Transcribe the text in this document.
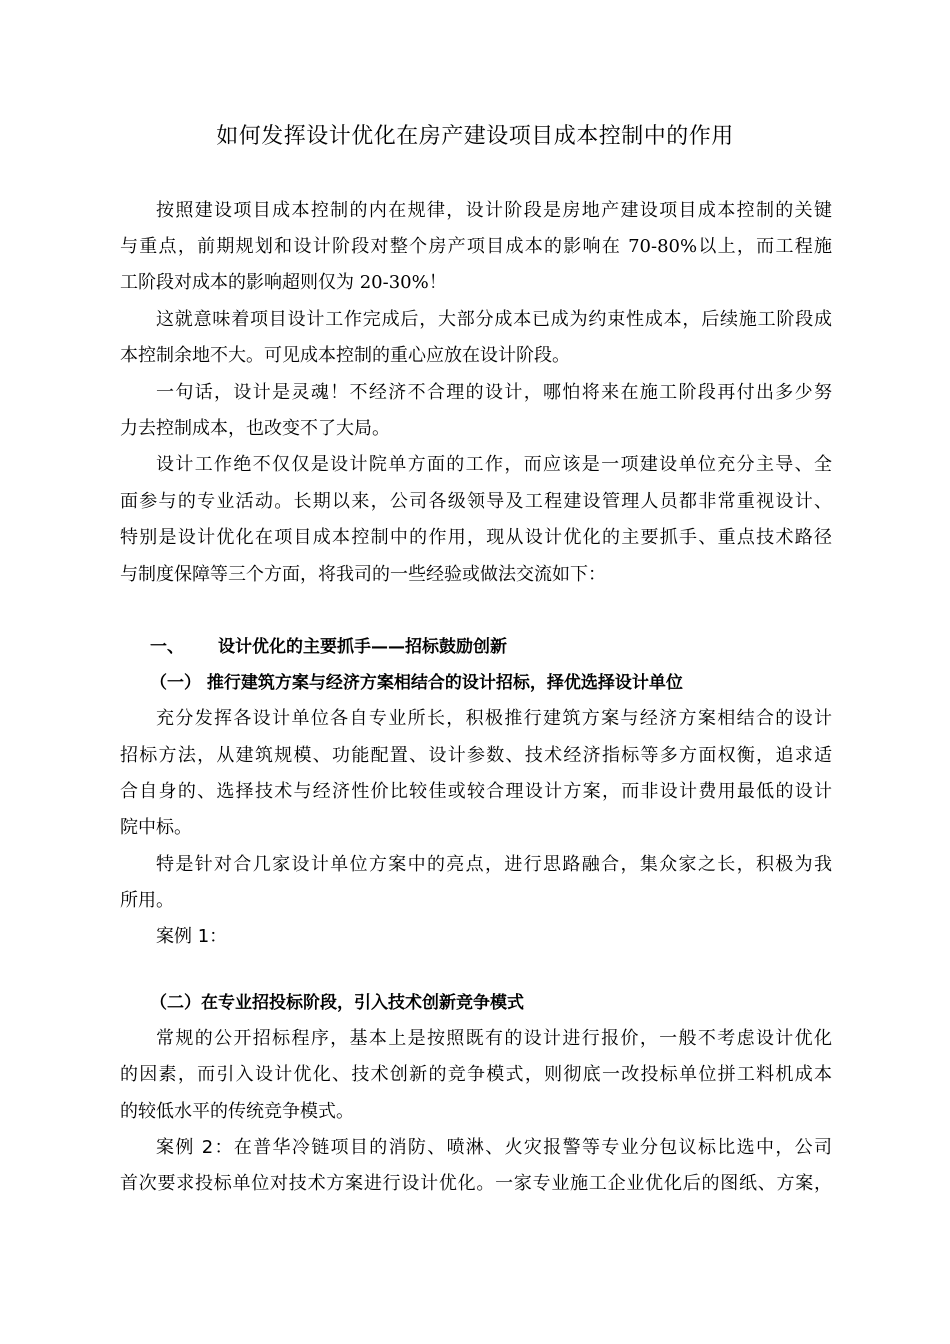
如何发挥设计优化在房产建设项目成本控制中的作用
按照建设项目成本控制的内在规律，设计阶段是房地产建设项目成本控制的关键
与重点，前期规划和设计阶段对整个房产项目成本的影响在 70-80%以上，而工程施
工阶段对成本的影响超则仅为 20-30%！
这就意味着项目设计工作完成后，大部分成本已成为约束性成本，后续施工阶段成
本控制余地不大。可见成本控制的重心应放在设计阶段。
一句话，设计是灵魂！不经济不合理的设计，哪怕将来在施工阶段再付出多少努
力去控制成本，也改变不了大局。
设计工作绝不仅仅是设计院单方面的工作，而应该是一项建设单位充分主导、全
面参与的专业活动。长期以来，公司各级领导及工程建设管理人员都非常重视设计、
特别是设计优化在项目成本控制中的作用，现从设计优化的主要抓手、重点技术路径
与制度保障等三个方面，将我司的一些经验或做法交流如下：
一、 设计优化的主要抓手——招标鼓励创新
（一） 推行建筑方案与经济方案相结合的设计招标，择优选择设计单位
充分发挥各设计单位各自专业所长，积极推行建筑方案与经济方案相结合的设计
招标方法，从建筑规模、功能配置、设计参数、技术经济指标等多方面权衡，追求适
合自身的、选择技术与经济性价比较佳或较合理设计方案，而非设计费用最低的设计
院中标。
特是针对合几家设计单位方案中的亮点，进行思路融合，集众家之长，积极为我
所用。
案例 1：
（二）在专业招投标阶段，引入技术创新竞争模式
常规的公开招标程序，基本上是按照既有的设计进行报价，一般不考虑设计优化
的因素，而引入设计优化、技术创新的竞争模式，则彻底一改投标单位拼工料机成本
的较低水平的传统竞争模式。
案例 2：在普华冷链项目的消防、喷淋、火灾报警等专业分包议标比选中，公司
首次要求投标单位对技术方案进行设计优化。一家专业施工企业优化后的图纸、方案，
